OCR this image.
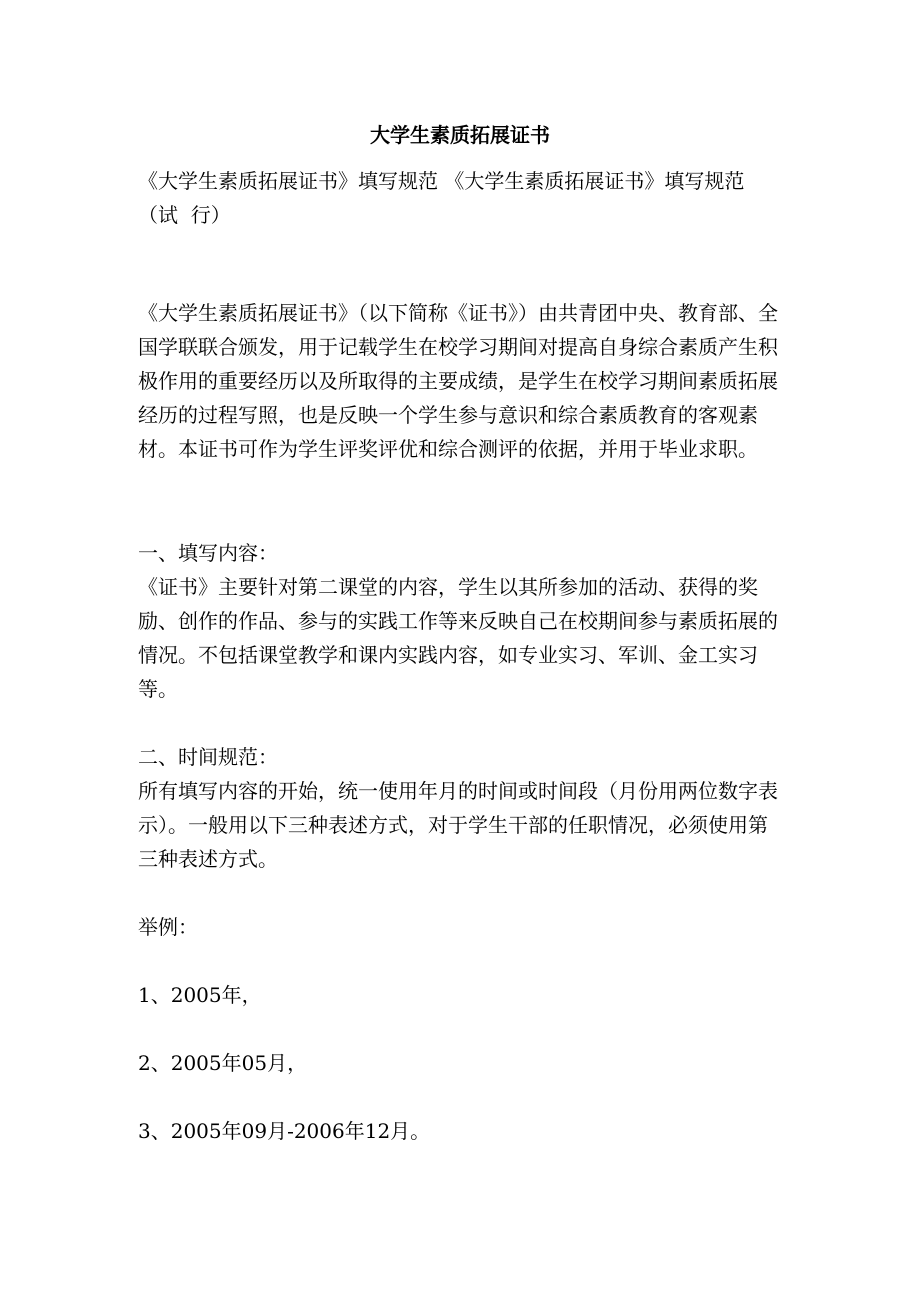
大学生素质拓展证书
《大学生素质拓展证书》填写规范 《大学生素质拓展证书》填写规范
（试  行）
《大学生素质拓展证书》（以下简称《证书》）由共青团中央、教育部、全国学联联合颁发，用于记载学生在校学习期间对提高自身综合素质产生积极作用的重要经历以及所取得的主要成绩，是学生在校学习期间素质拓展经历的过程写照，也是反映一个学生参与意识和综合素质教育的客观素材。本证书可作为学生评奖评优和综合测评的依据，并用于毕业求职。
一、填写内容：
《证书》主要针对第二课堂的内容，学生以其所参加的活动、获得的奖励、创作的作品、参与的实践工作等来反映自己在校期间参与素质拓展的情况。不包括课堂教学和课内实践内容，如专业实习、军训、金工实习等。
二、时间规范：
所有填写内容的开始，统一使用年月的时间或时间段（月份用两位数字表示）。一般用以下三种表述方式，对于学生干部的任职情况，必须使用第三种表述方式。
举例：
1、2005年，
2、2005年05月，
3、2005年09月-2006年12月。
